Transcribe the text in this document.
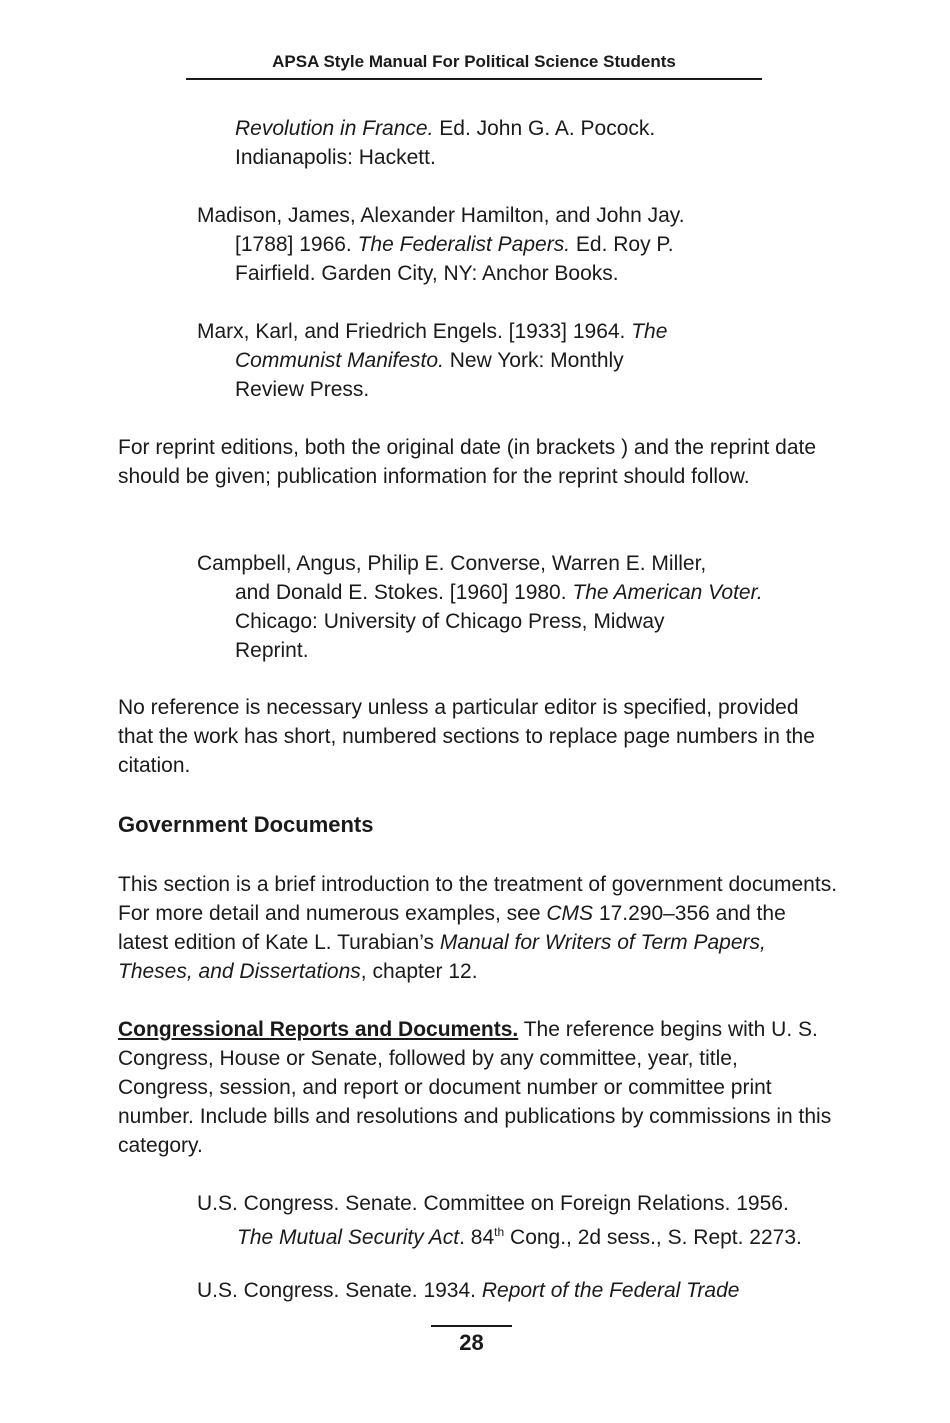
APSA Style Manual For Political Science Students
Revolution in France. Ed. John G. A. Pocock.
Indianapolis: Hackett.
Madison, James, Alexander Hamilton, and John Jay.
[1788] 1966. The Federalist Papers. Ed. Roy P.
Fairfield. Garden City, NY: Anchor Books.
Marx, Karl, and Friedrich Engels. [1933] 1964. The
Communist Manifesto. New York: Monthly
Review Press.

For reprint editions, both the original date (in brackets ) and the reprint date should be given; publication information for the reprint should follow.

Campbell, Angus, Philip E. Converse, Warren E. Miller,
and Donald E. Stokes. [1960] 1980. The American Voter.
Chicago: University of Chicago Press, Midway
Reprint.

No reference is necessary unless a particular editor is specified, provided that the work has short, numbered sections to replace page numbers in the citation.

Government Documents

This section is a brief introduction to the treatment of government documents. For more detail and numerous examples, see CMS 17.290–356 and the latest edition of Kate L. Turabian’s Manual for Writers of Term Papers, Theses, and Dissertations, chapter 12.

Congressional Reports and Documents. The reference begins with U. S. Congress, House or Senate, followed by any committee, year, title, Congress, session, and report or document number or committee print number. Include bills and resolutions and publications by commissions in this category.

U.S. Congress. Senate. Committee on Foreign Relations. 1956.
The Mutual Security Act. 84th Cong., 2d sess., S. Rept. 2273.
U.S. Congress. Senate. 1934. Report of the Federal Trade
28
